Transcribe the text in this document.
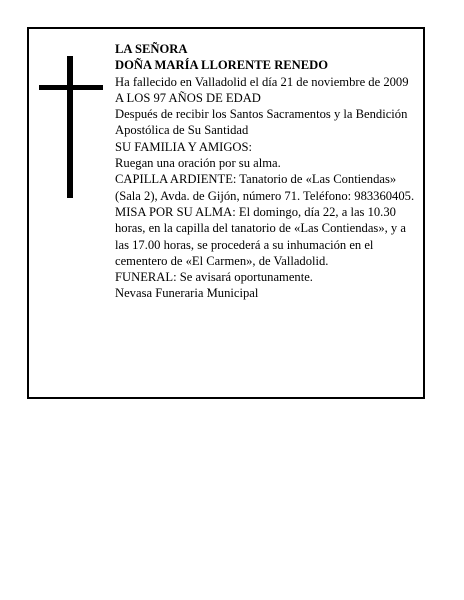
LA SEÑORA

DOÑA MARÍA LLORENTE RENEDO

Ha fallecido en Valladolid el día 21 de noviembre de 2009

A LOS 97 AÑOS DE EDAD

Después de recibir los Santos Sacramentos y la Bendición Apostólica de Su Santidad

SU FAMILIA Y AMIGOS:

Ruegan una oración por su alma.

CAPILLA ARDIENTE: Tanatorio de «Las Contiendas» (Sala 2), Avda. de Gijón, número 71. Teléfono: 983360405.

MISA POR SU ALMA: El domingo, día 22, a las 10.30 horas, en la capilla del tanatorio de «Las Contiendas», y a las 17.00 horas, se procederá a su inhumación en el cementero de «El Carmen», de Valladolid.

FUNERAL: Se avisará oportunamente.

Nevasa Funeraria Municipal
